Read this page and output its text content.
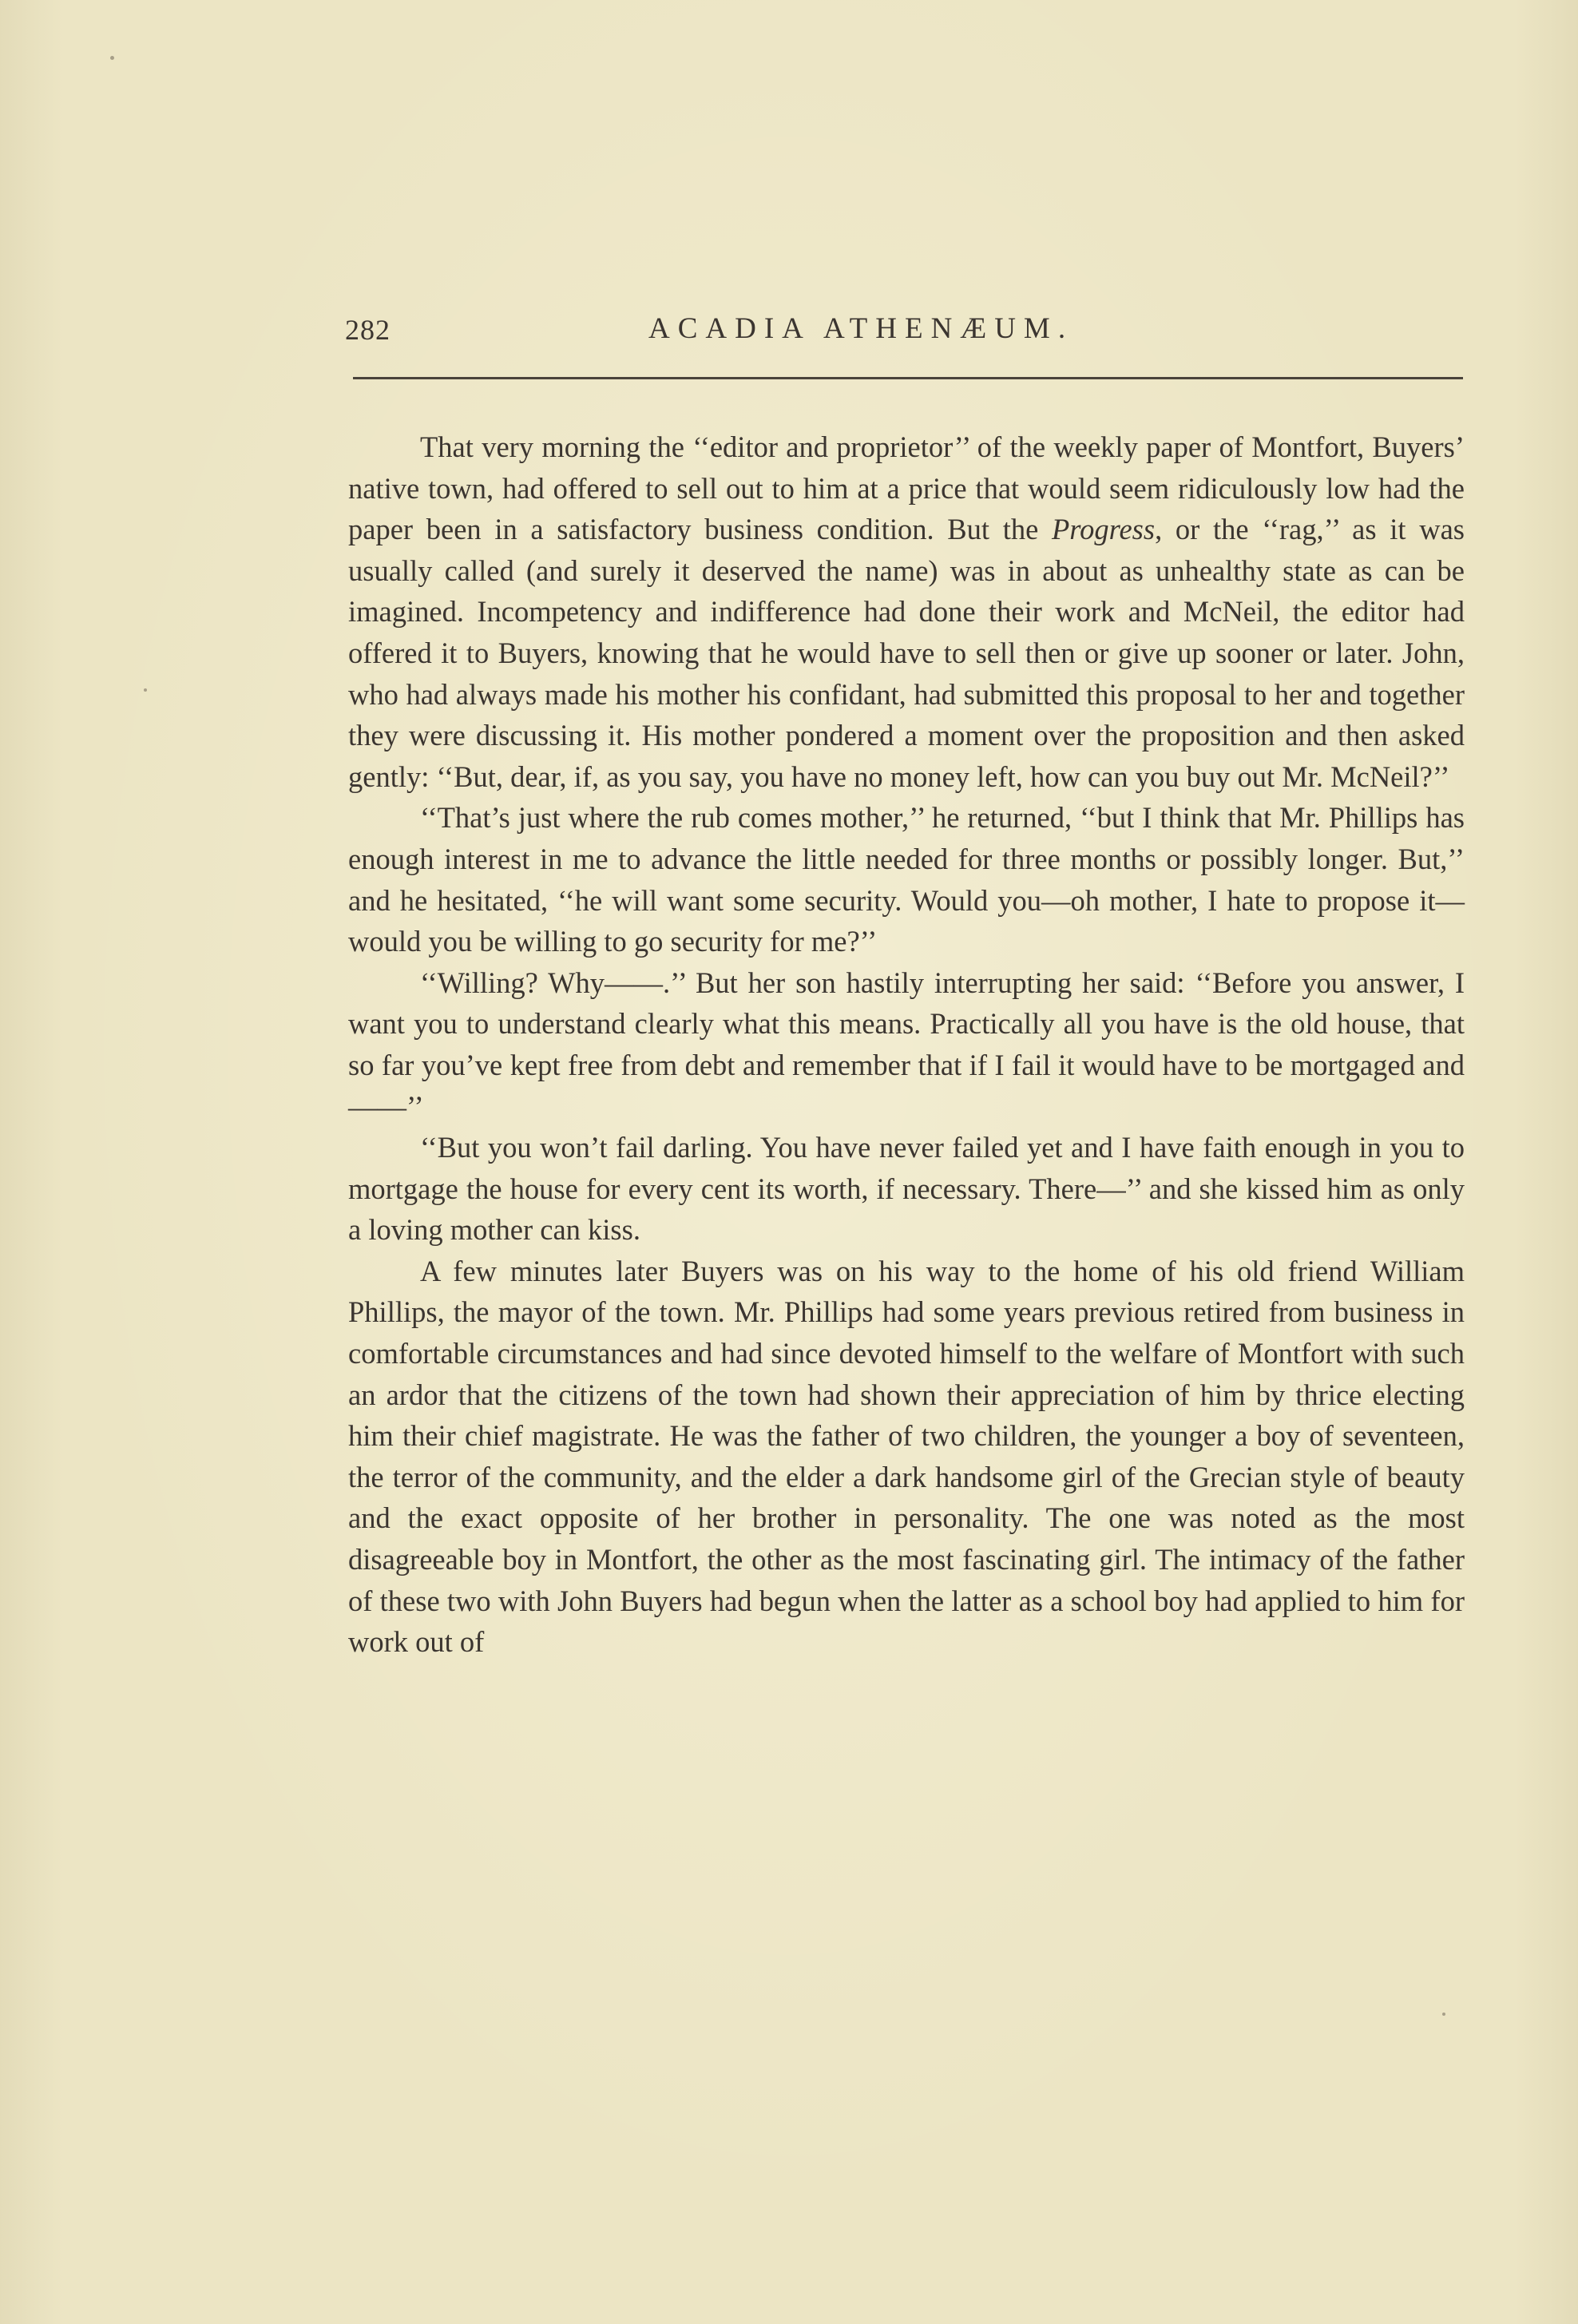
282	ACADIA ATHENÆUM.

That very morning the ‘‘editor and proprietor’’ of the weekly paper of Montfort, Buyers’ native town, had offered to sell out to him at a price that would seem ridiculously low had the paper been in a satisfactory business condition. But the Progress, or the ‘‘rag,’’ as it was usually called (and surely it deserved the name) was in about as unhealthy state as can be imagined. Incompetency and indifference had done their work and McNeil, the editor had offered it to Buyers, knowing that he would have to sell then or give up sooner or later. John, who had always made his mother his confidant, had submitted this proposal to her and together they were discussing it. His mother pondered a moment over the proposition and then asked gently: ‘‘But, dear, if, as you say, you have no money left, how can you buy out Mr. McNeil?’’

‘‘That’s just where the rub comes mother,’’ he returned, ‘‘but I think that Mr. Phillips has enough interest in me to advance the little needed for three months or possibly longer. But,’’ and he hesitated, ‘‘he will want some security. Would you—oh mother, I hate to propose it—would you be willing to go security for me?’’

‘‘Willing? Why——.’’ But her son hastily interrupting her said: ‘‘Before you answer, I want you to understand clearly what this means. Practically all you have is the old house, that so far you’ve kept free from debt and remember that if I fail it would have to be mortgaged and——’’

‘‘But you won’t fail darling. You have never failed yet and I have faith enough in you to mortgage the house for every cent its worth, if necessary. There—’’ and she kissed him as only a loving mother can kiss.

A few minutes later Buyers was on his way to the home of his old friend William Phillips, the mayor of the town. Mr. Phillips had some years previous retired from business in comfortable circumstances and had since devoted himself to the welfare of Montfort with such an ardor that the citizens of the town had shown their appreciation of him by thrice electing him their chief magistrate. He was the father of two children, the younger a boy of seventeen, the terror of the community, and the elder a dark handsome girl of the Grecian style of beauty and the exact opposite of her brother in personality. The one was noted as the most disagreeable boy in Montfort, the other as the most fascinating girl. The intimacy of the father of these two with John Buyers had begun when the latter as a school boy had applied to him for work out of
